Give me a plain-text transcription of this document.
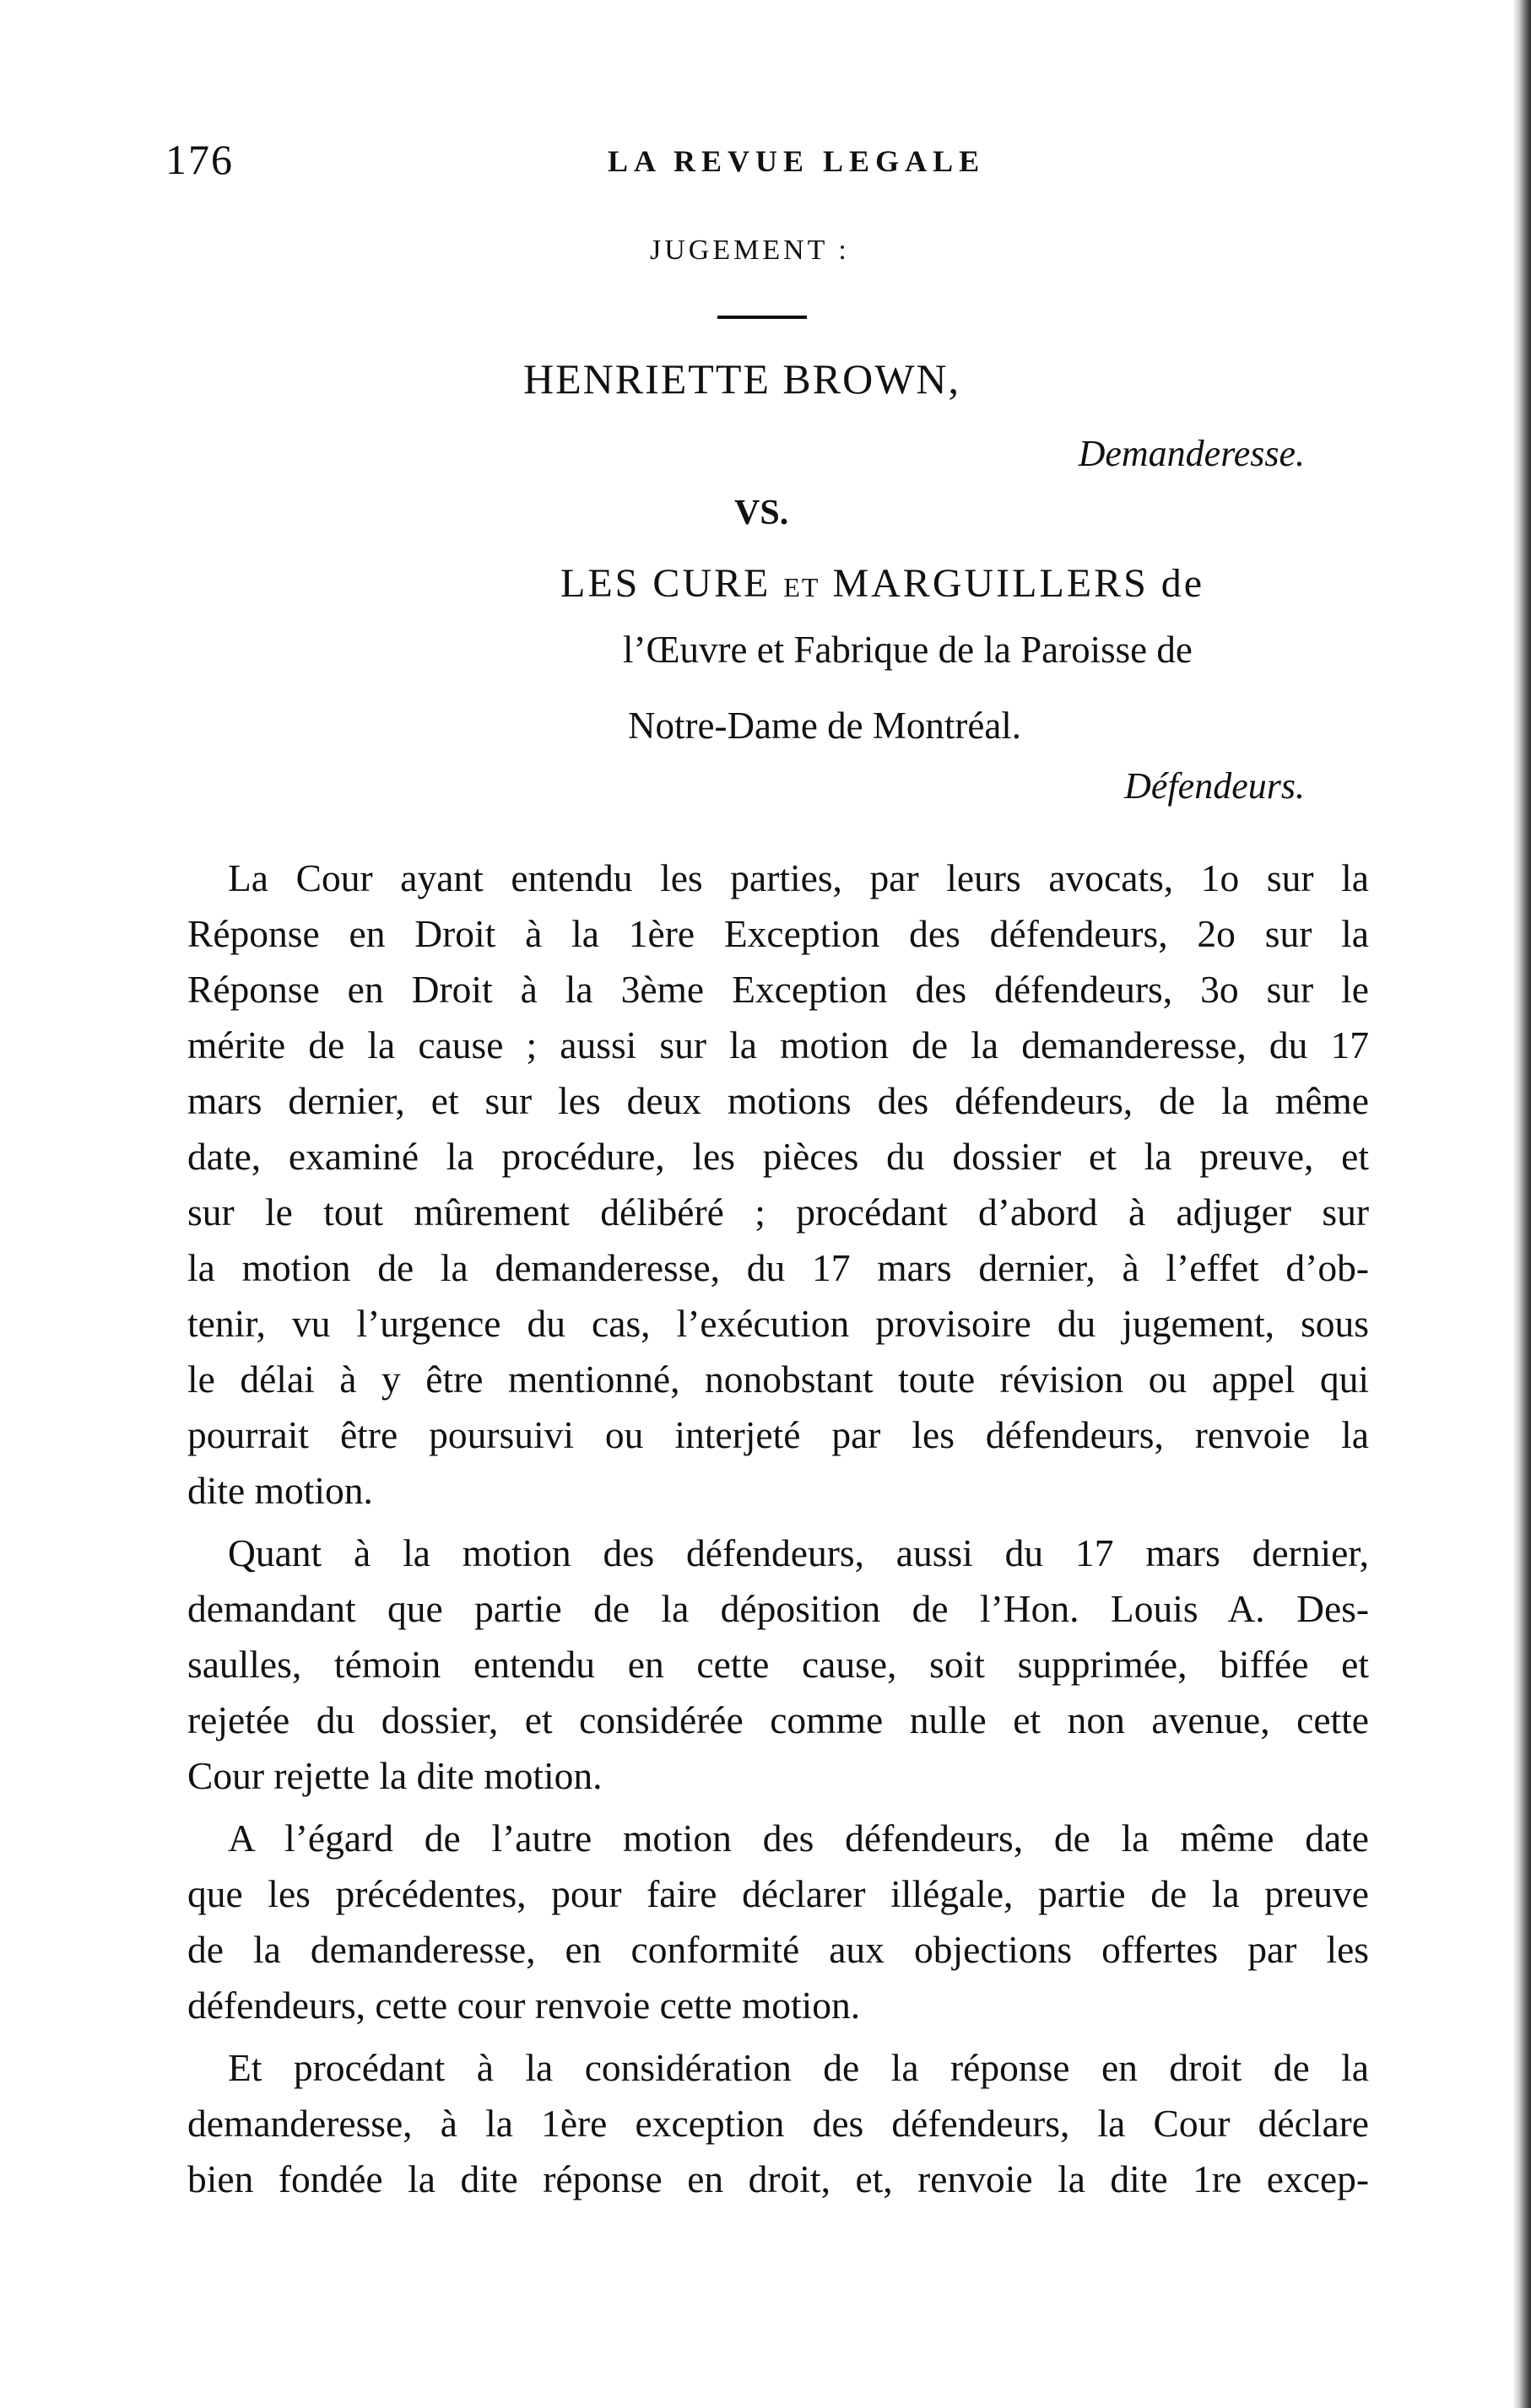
176	LA REVUE LEGALE
JUGEMENT :
HENRIETTE BROWN,
Demanderesse.
VS.
LES CURE ET MARGUILLERS de
l’Œuvre et Fabrique de la Paroisse de
Notre-Dame de Montréal.
Défendeurs.
La Cour ayant entendu les parties, par leurs avocats, 1o sur la
Réponse en Droit à la 1ère Exception des défendeurs, 2o sur la
Réponse en Droit à la 3ème Exception des défendeurs, 3o sur le
mérite de la cause ; aussi sur la motion de la demanderesse, du 17
mars dernier, et sur les deux motions des défendeurs, de la même
date, examiné la procédure, les pièces du dossier et la preuve, et
sur le tout mûrement délibéré ; procédant d’abord à adjuger sur
la motion de la demanderesse, du 17 mars dernier, à l’effet d’ob-
tenir, vu l’urgence du cas, l’exécution provisoire du jugement, sous
le délai à y être mentionné, nonobstant toute révision ou appel qui
pourrait être poursuivi ou interjeté par les défendeurs, renvoie la
dite motion.
Quant à la motion des défendeurs, aussi du 17 mars dernier,
demandant que partie de la déposition de l’Hon. Louis A. Des-
saulles, témoin entendu en cette cause, soit supprimée, biffée et
rejetée du dossier, et considérée comme nulle et non avenue, cette
Cour rejette la dite motion.
A l’égard de l’autre motion des défendeurs, de la même date
que les précédentes, pour faire déclarer illégale, partie de la preuve
de la demanderesse, en conformité aux objections offertes par les
défendeurs, cette cour renvoie cette motion.
Et procédant à la considération de la réponse en droit de la
demanderesse, à la 1ère exception des défendeurs, la Cour déclare
bien fondée la dite réponse en droit, et, renvoie la dite 1re excep-
